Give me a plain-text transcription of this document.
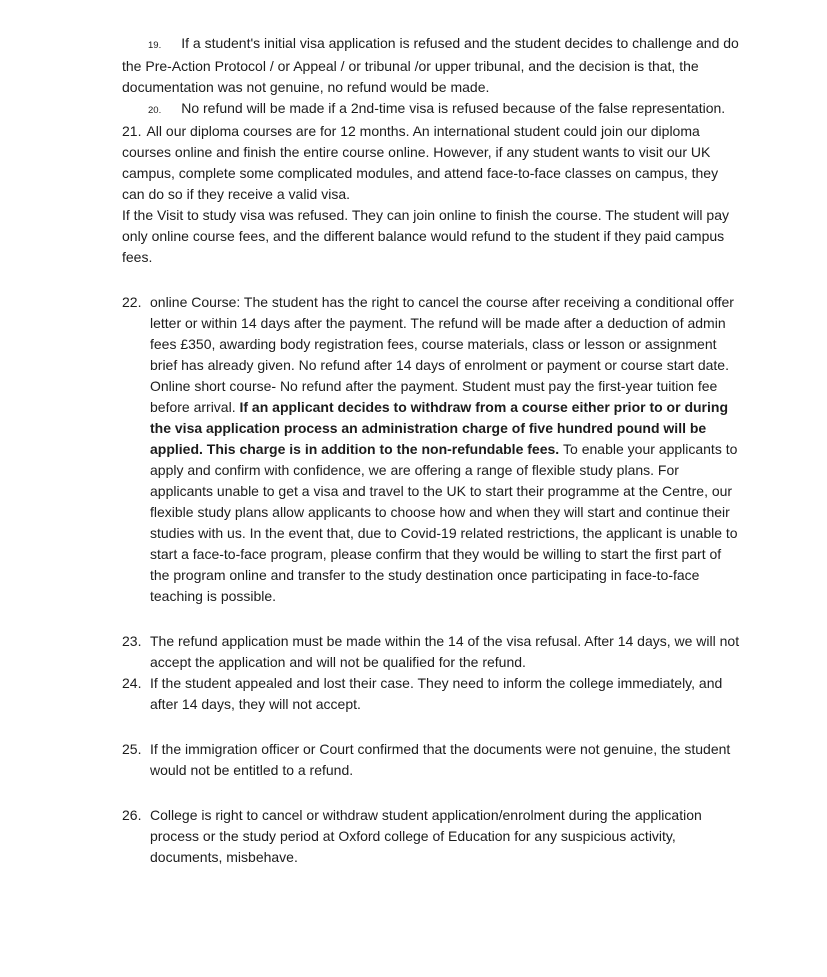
19. If a student's initial visa application is refused and the student decides to challenge and do the Pre-Action Protocol / or Appeal / or tribunal /or upper tribunal, and the decision is that, the documentation was not genuine, no refund would be made.
20. No refund will be made if a 2nd-time visa is refused because of the false representation.
21. All our diploma courses are for 12 months. An international student could join our diploma courses online and finish the entire course online. However, if any student wants to visit our UK campus, complete some complicated modules, and attend face-to-face classes on campus, they can do so if they receive a valid visa.
If the Visit to study visa was refused. They can join online to finish the course. The student will pay only online course fees, and the different balance would refund to the student if they paid campus fees.
22. online Course: The student has the right to cancel the course after receiving a conditional offer letter or within 14 days after the payment. The refund will be made after a deduction of admin fees £350, awarding body registration fees, course materials, class or lesson or assignment brief has already given. No refund after 14 days of enrolment or payment or course start date. Online short course- No refund after the payment. Student must pay the first-year tuition fee before arrival. If an applicant decides to withdraw from a course either prior to or during the visa application process an administration charge of five hundred pound will be applied. This charge is in addition to the non-refundable fees. To enable your applicants to apply and confirm with confidence, we are offering a range of flexible study plans. For applicants unable to get a visa and travel to the UK to start their programme at the Centre, our flexible study plans allow applicants to choose how and when they will start and continue their studies with us. In the event that, due to Covid-19 related restrictions, the applicant is unable to start a face-to-face program, please confirm that they would be willing to start the first part of the program online and transfer to the study destination once participating in face-to-face teaching is possible.
23. The refund application must be made within the 14 of the visa refusal. After 14 days, we will not accept the application and will not be qualified for the refund.
24. If the student appealed and lost their case. They need to inform the college immediately, and after 14 days, they will not accept.
25. If the immigration officer or Court confirmed that the documents were not genuine, the student would not be entitled to a refund.
26. College is right to cancel or withdraw student application/enrolment during the application process or the study period at Oxford college of Education for any suspicious activity, documents, misbehave.
